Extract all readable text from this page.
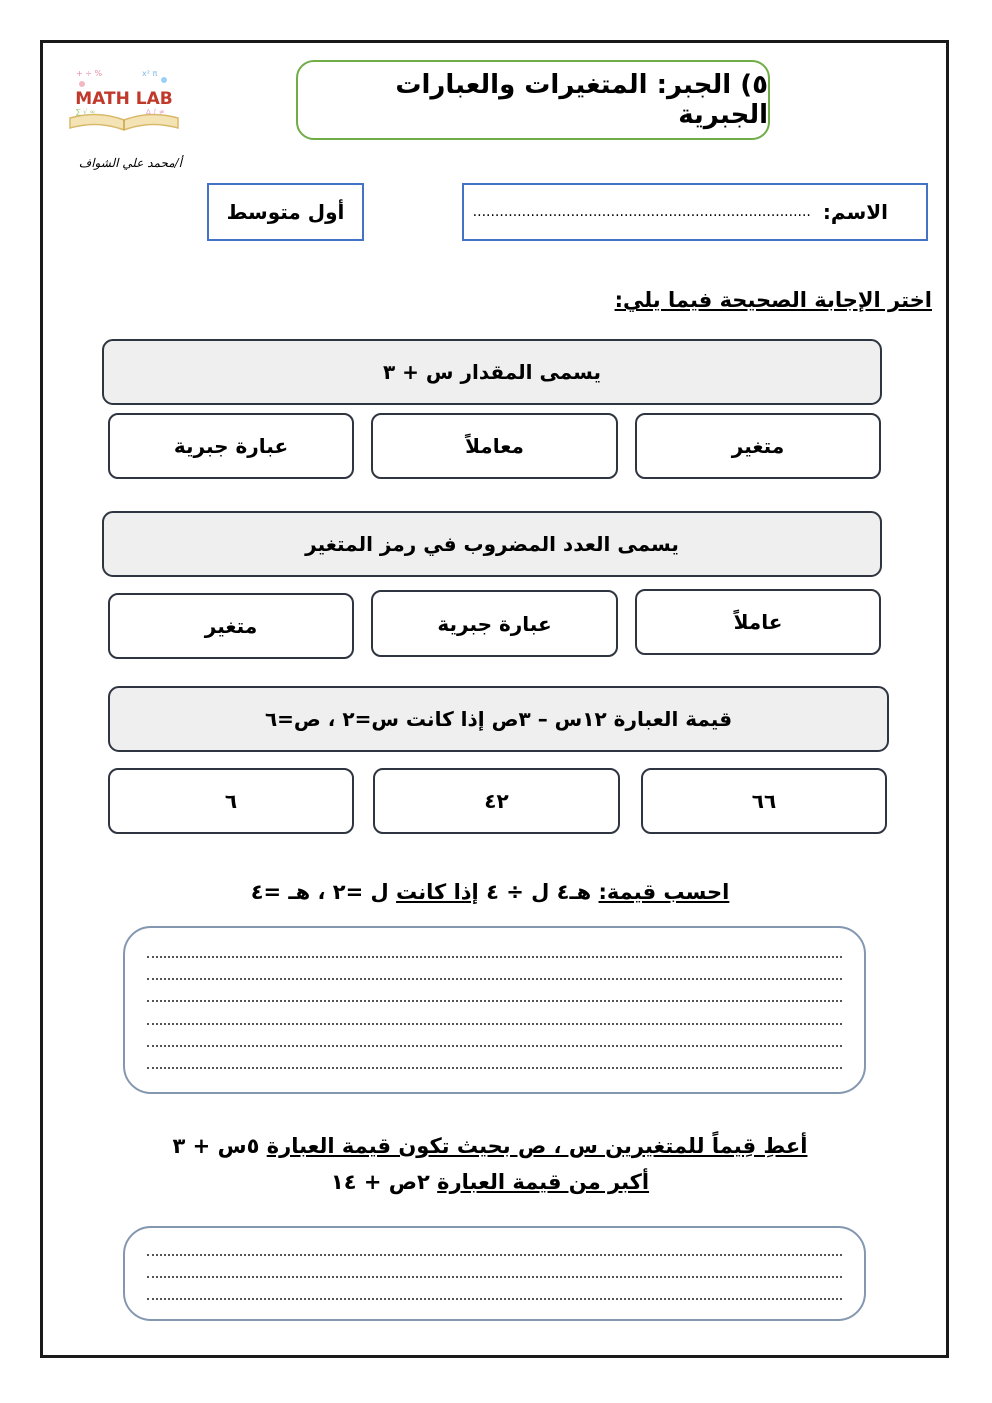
+ ÷ %	x² π
∑ √ ∞	Δ ∫ ≠
MATH LAB
أ/محمد علي الشواف
٥) الجبر: المتغيرات والعبارات الجبرية
الاسم:
............................................................................
أول متوسط
اختر الإجابة الصحيحة فيما يلي:
يسمى المقدار س + ٣
متغير
معاملاً
عبارة جبرية
يسمى العدد المضروب في رمز المتغير
عاملاً
عبارة جبرية
متغير
قيمة العبارة ١٢س – ٣ص إذا كانت س=٢ ، ص=٦
٦٦
٤٢
٦
احسب قيمة: هـ٤ ل ÷ ٤ إذا كانت ل =٢ ، هـ =٤
أعطِ قِيماً للمتغيرين س ، ص بحيث تكون قيمة العبارة ٥س + ٣
أكبر من قيمة العبارة ٢ص + ١٤
